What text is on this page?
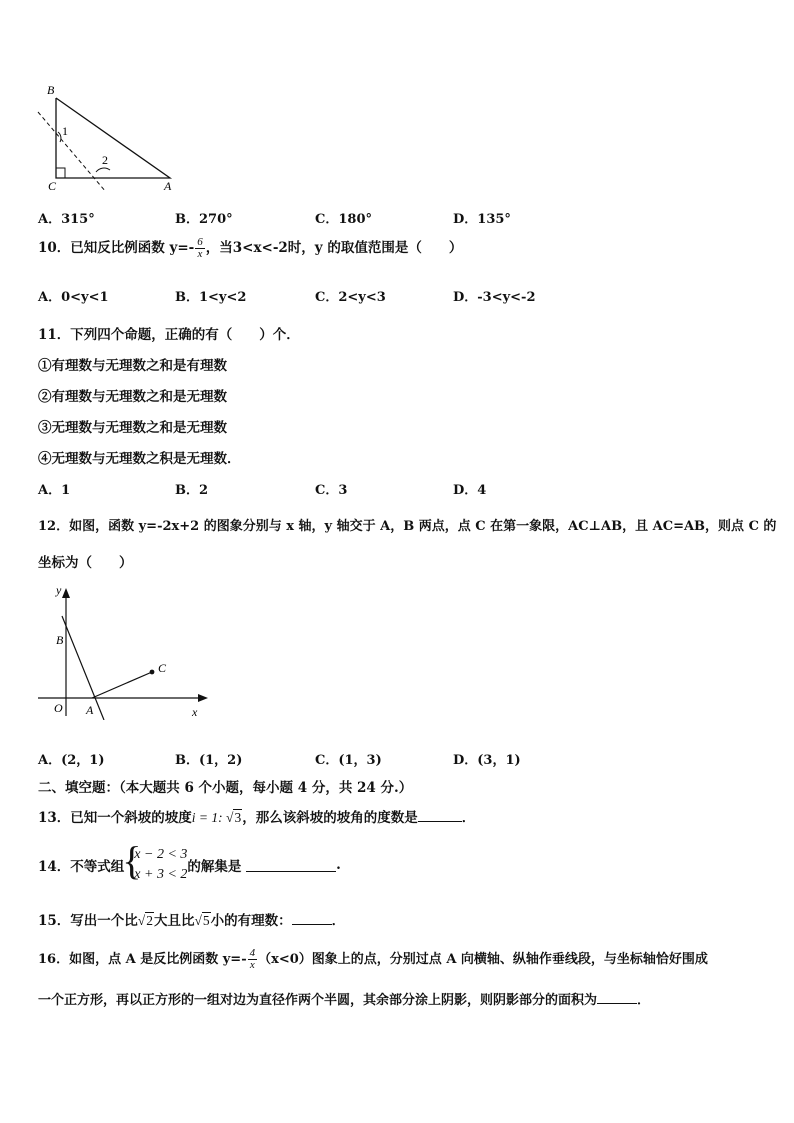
B
C	A
1
2
A．315°	B．270°	C．180°	D．135°
10．已知反比例函数 $y=- \frac{6}{x}$ ，当3<x<-2时，y 的取值范围是（　　）
A．0<y<1	B．1<y<2	C．2<y<3	D．-3<y<-2
11．下列四个命题，正确的有（　　）个．
①有理数与无理数之和是有理数
②有理数与无理数之和是无理数
③无理数与无理数之和是无理数
④无理数与无理数之积是无理数．
A．1	B．2	C．3	D．4
12．如图，函数 y=-2x+2 的图象分别与 x 轴，y 轴交于 A，B 两点，点 C 在第一象限，AC⊥AB，且 AC=AB，则点 C 的
坐标为（　　）
y
x
O A
B
C
A．(2，1)	B．(1，2)	C．(1，3)	D．(3，1)
二、填空题：（本大题共 6 个小题，每小题 4 分，共 24 分.）
13．已知一个斜坡的坡度i = 1: √3，那么该斜坡的坡角的度数是	．
14．不等式组
{
x − 2 < 3
x + 3 < 2 的解集是	.
15．写出一个比√2大且比√5小的有理数：	．
16．如图，点 A 是反比例函数 $y=- \frac{4}{x} (x<0)$图象上的点，分别过点 A 向横轴、纵轴作垂线段，与坐标轴恰好围成
一个正方形，再以正方形的一组对边为直径作两个半圆，其余部分涂上阴影，则阴影部分的面积为	．
